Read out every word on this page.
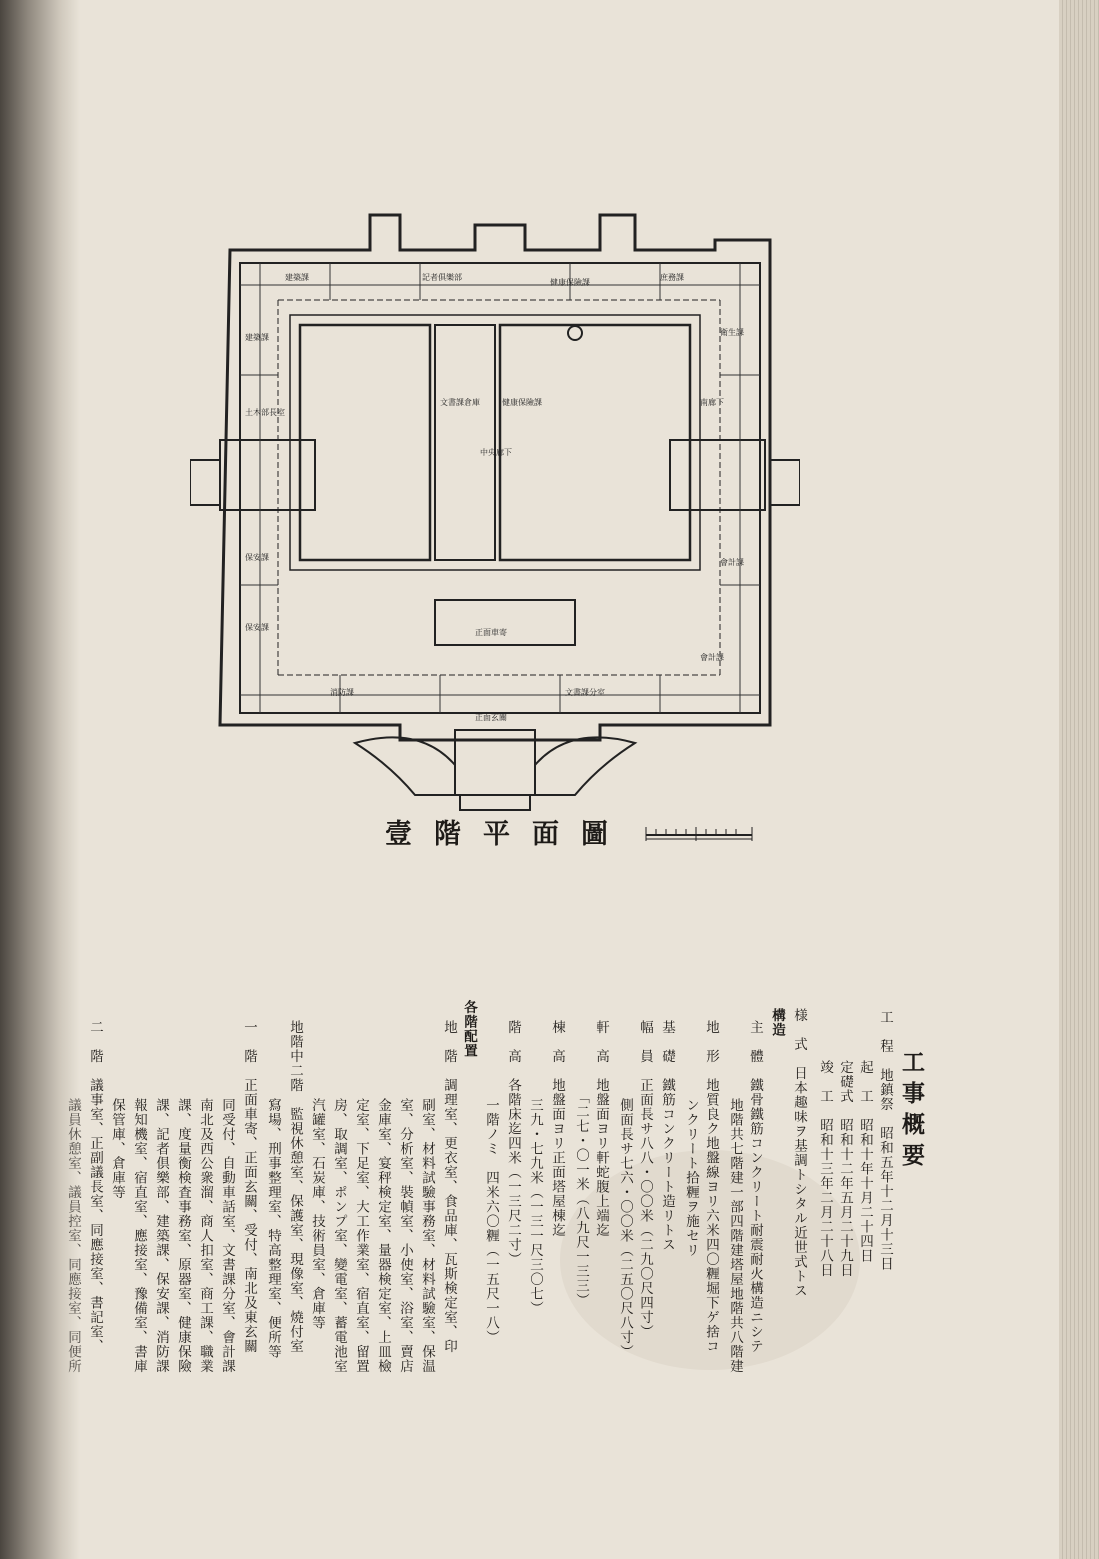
建築課	記者俱樂部
健康保險課
庶務課
建築課
土木部長室
保安課
保安課
衛生課
南廊下
會計課
會計課
文書課倉庫	健康保險課
中央廊下
消防課
正面車寄
文書課分室
正面玄關
壹 階 平 面 圖
工事概要
工　程　地鎮祭　昭和五年十二月十三日
起　工　昭和十年十月二十四日
定礎式　昭和十二年五月二十九日
竣　工　昭和十三年二月二十八日
様　式　日本趣味ヲ基調トシタル近世式トス
構造
主　體　鐵骨鐵筋コンクリート耐震耐火構造ニシテ
地階共七階建一部四階建塔屋地階共八階建
地　形　地質良ク地盤線ヨリ六米四〇糎堀下ゲ捨コ
ンクリート拾糎ヲ施セリ
基　礎　鐵筋コンクリート造リトス
幅　員　正面長サ八八・〇〇米（二九〇尺四寸）
側面長サ七六・〇〇米（二五〇尺八寸）
軒　高　地盤面ヨリ軒蛇腹上端迄
「二七・〇一米（八九尺一三三）
棟　高　地盤面ヨリ正面塔屋棟迄
三九・七九米（一三一尺三〇七）
階　高　各階床迄四米（一三尺二寸）
一階ノミ　四米六〇糎（一五尺一八）
各階配置
地　階　調理室、更衣室、食品庫、瓦斯検定室、印
刷室、材料試驗事務室、材料試驗室、保温
室、分析室、裝幀室、小使室、浴室、賣店
金庫室、宴秤検定室、量器検定室、上皿檢
定室、下足室、大工作業室、宿直室、留置
房、取調室、ポンプ室、變電室、蓄電池室
汽罐室、石炭庫、技術員室、倉庫等
地階中二階　監視休憩室、保護室、現像室、燒付室
寫場、刑事整理室、特高整理室、便所等
一　階　正面車寄、正面玄關、受付、南北及東玄關
同受付、自動車話室、文書課分室、會計課
南北及西公衆溜、商人扣室、商工課、職業
課、度量衡検査事務室、原器室、健康保險
課、記者倶樂部、建築課、保安課、消防課
報知機室、宿直室、應接室、豫備室、書庫
保管庫、倉庫等
二　階　議事室、正副議長室、同應接室、書記室、
議員休憩室、議員控室、同應接室、同便所
